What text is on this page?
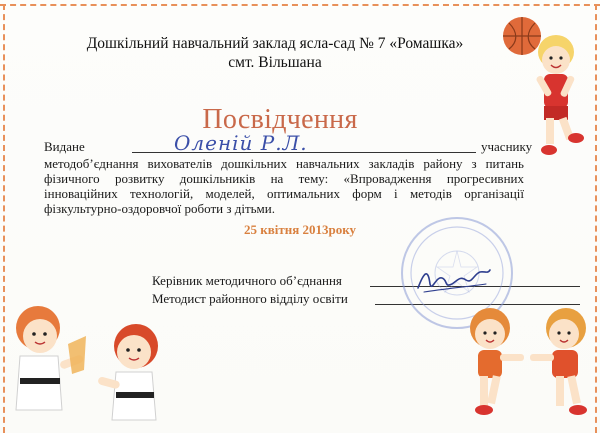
Дошкільний навчальний заклад ясла-сад № 7 «Ромашка»
смт. Вільшана
Посвідчення
Видане	Оленій Р.Л.	учаснику
методоб’єднання вихователів дошкільних навчальних закладів району з питань фізичного розвитку дошкільників на тему: «Впровадження прогресивних інноваційних технологій, моделей, оптимальних форм і методів організації фізкультурно-оздоровчої роботи з дітьми.
25 квітня 2013року
Керівник методичного об’єднання
Методист районного відділу освіти
